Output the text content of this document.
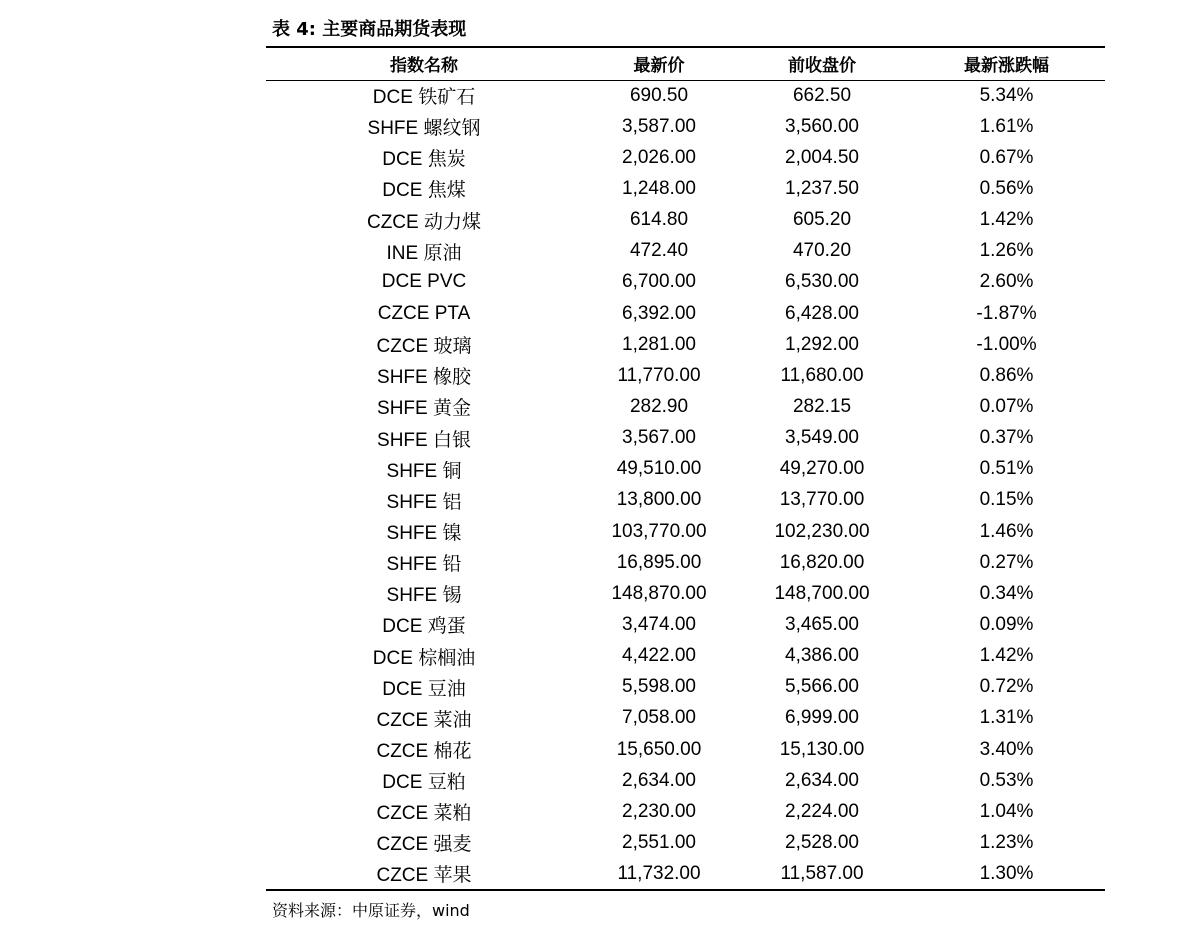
表 4: 主要商品期货表现
指数名称	最新价	前收盘价	最新涨跌幅
DCE 铁矿石	690.50	662.50	5.34%
SHFE 螺纹钢	3,587.00	3,560.00	1.61%
DCE 焦炭	2,026.00	2,004.50	0.67%
DCE 焦煤	1,248.00	1,237.50	0.56%
CZCE 动力煤	614.80	605.20	1.42%
INE 原油	472.40	470.20	1.26%
DCE PVC	6,700.00	6,530.00	2.60%
CZCE PTA	6,392.00	6,428.00	-1.87%
CZCE 玻璃	1,281.00	1,292.00	-1.00%
SHFE 橡胶	11,770.00	11,680.00	0.86%
SHFE 黄金	282.90	282.15	0.07%
SHFE 白银	3,567.00	3,549.00	0.37%
SHFE 铜	49,510.00	49,270.00	0.51%
SHFE 铝	13,800.00	13,770.00	0.15%
SHFE 镍	103,770.00	102,230.00	1.46%
SHFE 铅	16,895.00	16,820.00	0.27%
SHFE 锡	148,870.00	148,700.00	0.34%
DCE 鸡蛋	3,474.00	3,465.00	0.09%
DCE 棕榈油	4,422.00	4,386.00	1.42%
DCE 豆油	5,598.00	5,566.00	0.72%
CZCE 菜油	7,058.00	6,999.00	1.31%
CZCE 棉花	15,650.00	15,130.00	3.40%
DCE 豆粕	2,634.00	2,634.00	0.53%
CZCE 菜粕	2,230.00	2,224.00	1.04%
CZCE 强麦	2,551.00	2,528.00	1.23%
CZCE 苹果	11,732.00	11,587.00	1.30%
资料来源：中原证券，wind
